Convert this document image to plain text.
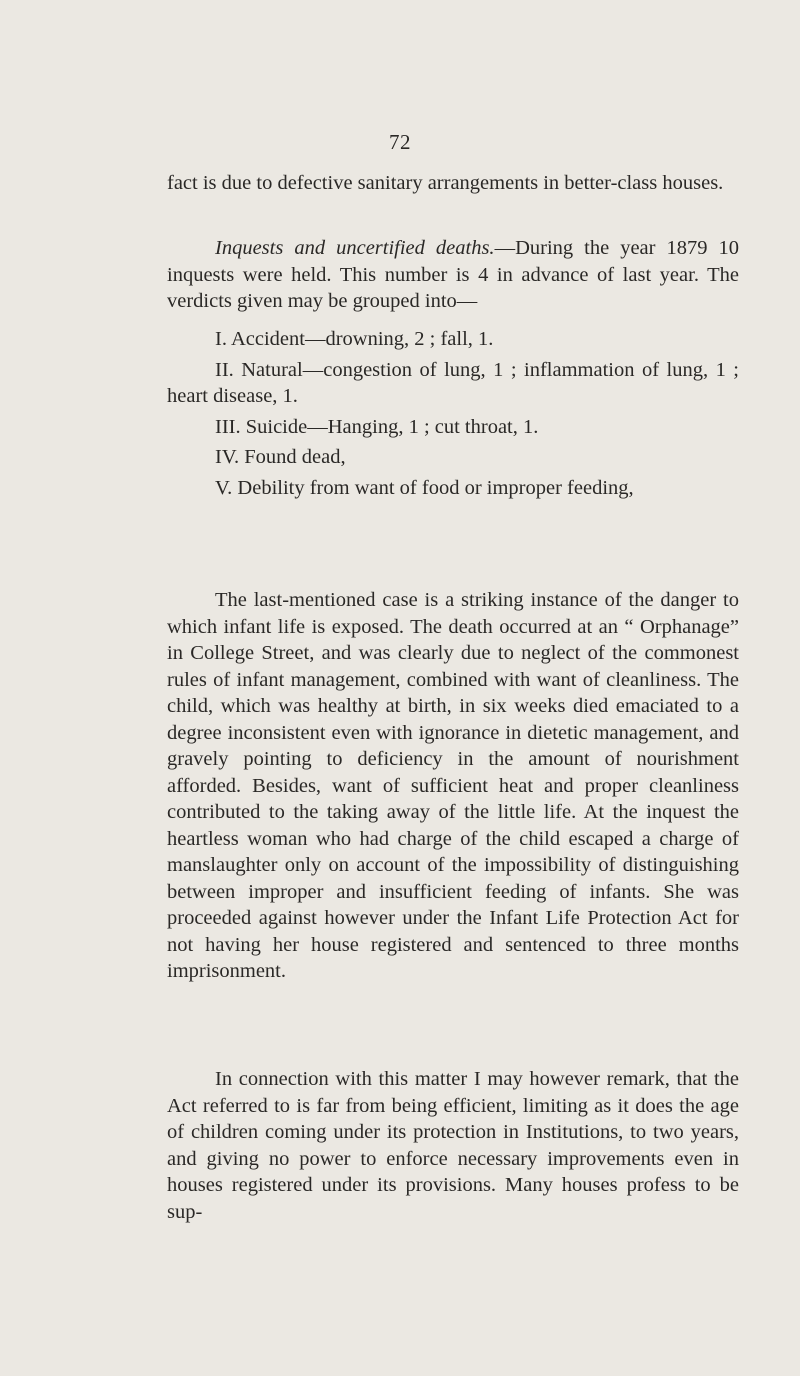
72

fact is due to defective sanitary arrangements in better-class houses.

Inquests and uncertified deaths.—During the year 1879 10 inquests were held. This number is 4 in advance of last year. The verdicts given may be grouped into—

I. Accident—drowning, 2 ; fall, 1.

II. Natural—congestion of lung, 1 ; inflammation of lung, 1 ; heart disease, 1.

III. Suicide—Hanging, 1 ; cut throat, 1.

IV. Found dead,

V. Debility from want of food or improper feeding,

The last-mentioned case is a striking instance of the danger to which infant life is exposed. The death occurred at an “ Orphanage” in College Street, and was clearly due to neglect of the commonest rules of infant management, combined with want of cleanliness. The child, which was healthy at birth, in six weeks died emaciated to a degree inconsistent even with ignorance in dietetic management, and gravely pointing to deficiency in the amount of nourishment afforded. Besides, want of sufficient heat and proper cleanliness contributed to the taking away of the little life. At the inquest the heartless woman who had charge of the child escaped a charge of manslaughter only on account of the impossibility of distinguishing between improper and insufficient feeding of infants. She was proceeded against however under the Infant Life Protection Act for not having her house registered and sentenced to three months imprisonment.

In connection with this matter I may however remark, that the Act referred to is far from being efficient, limiting as it does the age of children coming under its protection in Institutions, to two years, and giving no power to enforce necessary improvements even in houses registered under its provisions. Many houses profess to be sup-
